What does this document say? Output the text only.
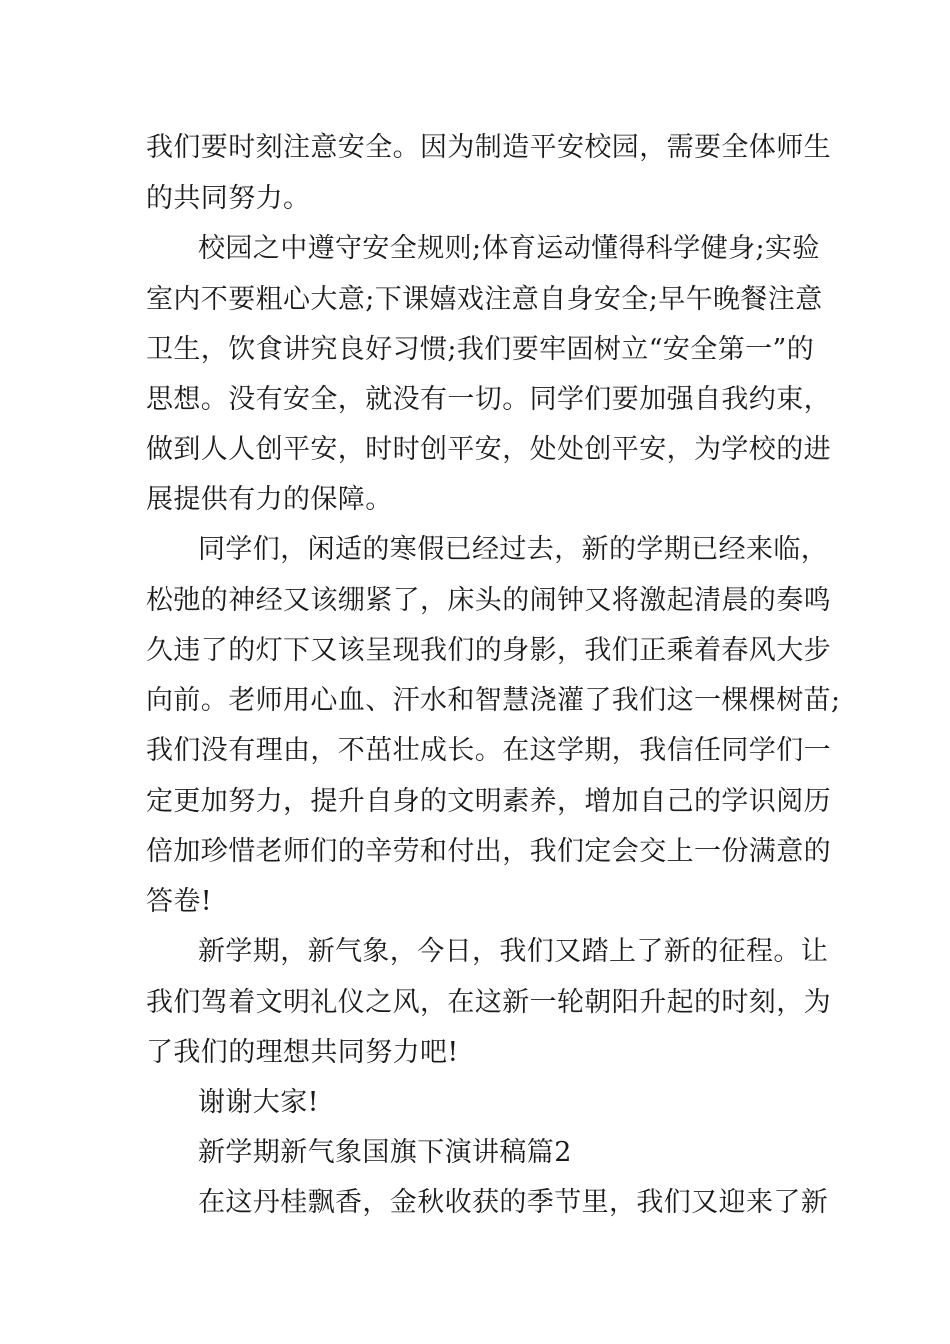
我们要时刻注意安全。因为制造平安校园，需要全体师生
的共同努力。
校园之中遵守安全规则;体育运动懂得科学健身;实验
室内不要粗心大意;下课嬉戏注意自身安全;早午晚餐注意
卫生，饮食讲究良好习惯;我们要牢固树立“安全第一”的
思想。没有安全，就没有一切。同学们要加强自我约束，
做到人人创平安，时时创平安，处处创平安，为学校的进
展提供有力的保障。
同学们，闲适的寒假已经过去，新的学期已经来临，
松弛的神经又该绷紧了，床头的闹钟又将激起清晨的奏鸣
久违了的灯下又该呈现我们的身影，我们正乘着春风大步
向前。老师用心血、汗水和智慧浇灌了我们这一棵棵树苗;
我们没有理由，不茁壮成长。在这学期，我信任同学们一
定更加努力，提升自身的文明素养，增加自己的学识阅历
倍加珍惜老师们的辛劳和付出，我们定会交上一份满意的
答卷!
新学期，新气象，今日，我们又踏上了新的征程。让
我们驾着文明礼仪之风，在这新一轮朝阳升起的时刻，为
了我们的理想共同努力吧!
谢谢大家!
新学期新气象国旗下演讲稿篇2
在这丹桂飘香，金秋收获的季节里，我们又迎来了新
